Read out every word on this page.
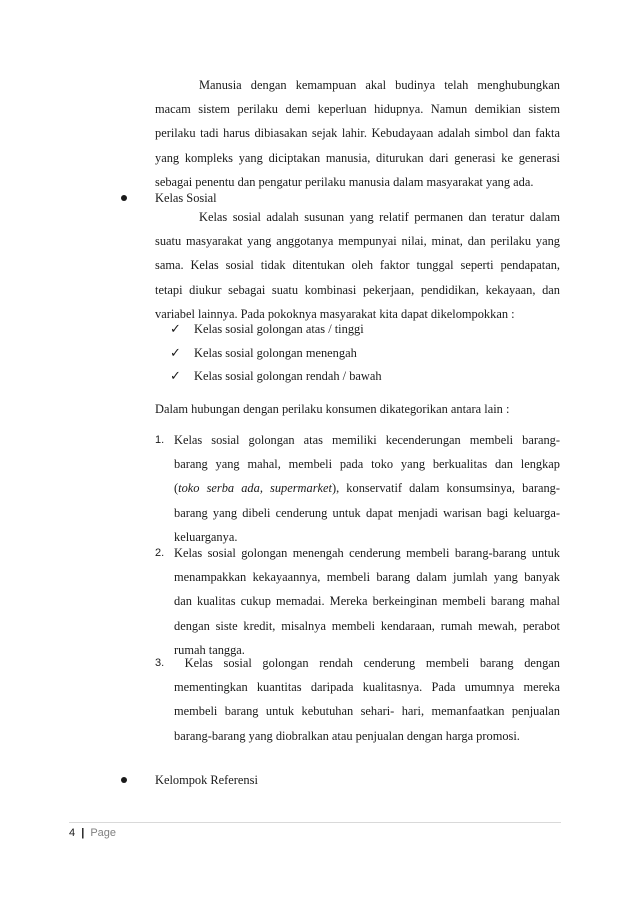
Manusia dengan kemampuan akal budinya telah menghubungkan

macam sistem perilaku demi keperluan hidupnya. Namun demikian sistem

perilaku tadi harus dibiasakan sejak lahir. Kebudayaan adalah simbol dan fakta

yang kompleks yang diciptakan manusia, diturukan dari generasi ke generasi

sebagai penentu dan pengatur perilaku manusia dalam masyarakat yang ada.

Kelas Sosial

Kelas sosial adalah susunan yang relatif permanen dan teratur dalam

suatu masyarakat yang anggotanya mempunyai nilai, minat, dan perilaku yang

sama. Kelas sosial tidak ditentukan oleh faktor tunggal seperti pendapatan,

tetapi diukur sebagai suatu kombinasi pekerjaan, pendidikan, kekayaan, dan

variabel lainnya. Pada pokoknya masyarakat kita dapat dikelompokkan :

✓ Kelas sosial golongan atas / tinggi
✓ Kelas sosial golongan menengah
✓ Kelas sosial golongan rendah / bawah

Dalam hubungan dengan perilaku konsumen dikategorikan antara lain :

1. Kelas sosial golongan atas memiliki kecenderungan membeli barang-

barang yang mahal, membeli pada toko yang berkualitas dan lengkap

(toko serba ada, supermarket), konservatif dalam konsumsinya, barang-

barang yang dibeli cenderung untuk dapat menjadi warisan bagi keluarga-

keluarganya.

2. Kelas sosial golongan menengah cenderung membeli barang-barang untuk

menampakkan kekayaannya, membeli barang dalam jumlah yang banyak

dan kualitas cukup memadai. Mereka berkeinginan membeli barang mahal

dengan siste kredit, misalnya membeli kendaraan, rumah mewah, perabot

rumah tangga.

3. Kelas sosial golongan rendah cenderung membeli barang dengan

mementingkan kuantitas daripada kualitasnya. Pada umumnya mereka

membeli barang untuk kebutuhan sehari- hari, memanfaatkan penjualan

barang-barang yang diobralkan atau penjualan dengan harga promosi.

Kelompok Referensi
4 | Page
